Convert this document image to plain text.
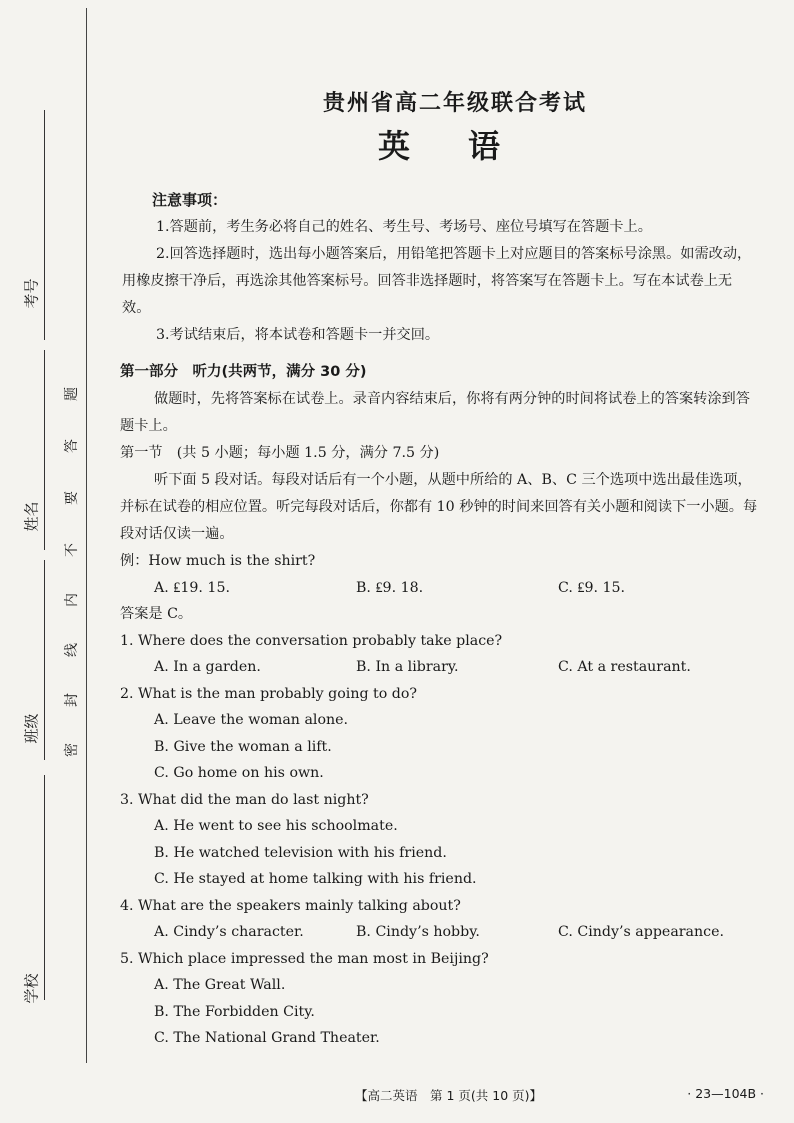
考号
姓名
班级
学校
题
答
要
不
内
线
封
密
贵州省高二年级联合考试
英语
注意事项：

1.答题前，考生务必将自己的姓名、考生号、考场号、座位号填写在答题卡上。

2.回答选择题时，选出每小题答案后，用铅笔把答题卡上对应题目的答案标号涂黑。如需改动，用橡皮擦干净后，再选涂其他答案标号。回答非选择题时，将答案写在答题卡上。写在本试卷上无效。

3.考试结束后，将本试卷和答题卡一并交回。

第一部分　听力(共两节，满分 30 分)

做题时，先将答案标在试卷上。录音内容结束后，你将有两分钟的时间将试卷上的答案转涂到答题卡上。

第一节　(共 5 小题；每小题 1.5 分，满分 7.5 分)

听下面 5 段对话。每段对话后有一个小题，从题中所给的 A、B、C 三个选项中选出最佳选项，并标在试卷的相应位置。听完每段对话后，你都有 10 秒钟的时间来回答有关小题和阅读下一小题。每段对话仅读一遍。

例：How much is the shirt?

A. ₤19. 15.	B. ₤9. 18.	C. ₤9. 15.

答案是 C。

1. Where does the conversation probably take place?

A. In a garden.	B. In a library.	C. At a restaurant.

2. What is the man probably going to do?

A. Leave the woman alone.
B. Give the woman a lift.
C. Go home on his own.

3. What did the man do last night?

A. He went to see his schoolmate.
B. He watched television with his friend.
C. He stayed at home talking with his friend.

4. What are the speakers mainly talking about?

A. Cindy’s character.	B. Cindy’s hobby.	C. Cindy’s appearance.

5. Which place impressed the man most in Beijing?

A. The Great Wall.
B. The Forbidden City.
C. The National Grand Theater.
【高二英语　第 1 页(共 10 页)】	· 23—104B ·
